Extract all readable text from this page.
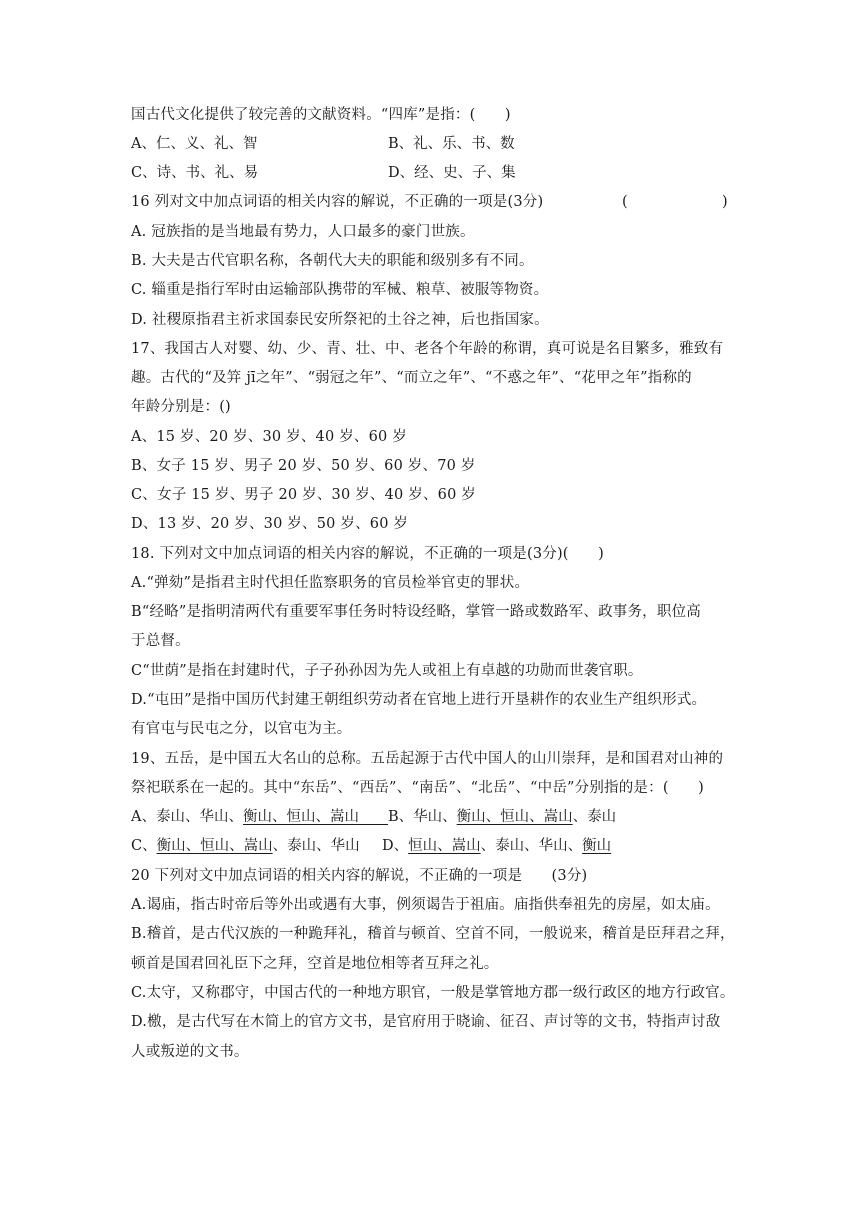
国古代文化提供了较完善的文献资料。“四库”是指：(　　)
A、仁、义、礼、智	B、礼、乐、书、数
C、诗、书、礼、易	D、经、史、子、集
16 列对文中加点词语的相关内容的解说，不正确的一项是(3分)	(	)
A. 冠族指的是当地最有势力，人口最多的豪门世族。
B. 大夫是古代官职名称，各朝代大夫的职能和级别多有不同。
C. 辎重是指行军时由运输部队携带的军械、粮草、被服等物资。
D. 社稷原指君主祈求国泰民安所祭祀的土谷之神，后也指国家。
17、我国古人对婴、幼、少、青、壮、中、老各个年龄的称谓，真可说是名目繁多，雅致有
趣。古代的“及笄 jī之年”、“弱冠之年”、“而立之年”、“不惑之年”、“花甲之年”指称的
年龄分别是：()
A、15 岁、20 岁、30 岁、40 岁、60 岁
B、女子 15 岁、男子 20 岁、50 岁、60 岁、70 岁
C、女子 15 岁、男子 20 岁、30 岁、40 岁、60 岁
D、13 岁、20 岁、30 岁、50 岁、60 岁
18. 下列对文中加点词语的相关内容的解说，不正确的一项是(3分)(　　)
A.“弹劾”是指君主时代担任监察职务的官员检举官吏的罪状。
B“经略”是指明清两代有重要军事任务时特设经略，掌管一路或数路军、政事务，职位高
于总督。
C“世荫”是指在封建时代，子子孙孙因为先人或祖上有卓越的功勋而世袭官职。
D.“屯田”是指中国历代封建王朝组织劳动者在官地上进行开垦耕作的农业生产组织形式。
有官屯与民屯之分，以官屯为主。
19、五岳，是中国五大名山的总称。五岳起源于古代中国人的山川崇拜，是和国君对山神的
祭祀联系在一起的。其中“东岳”、“西岳”、“南岳”、“北岳”、“中岳”分别指的是：(　　)
A、泰山、华山、衡山、恒山、嵩山　　	B、华山、衡山、恒山、嵩山、泰山
C、衡山、恒山、嵩山、泰山、华山 D、恒山、嵩山、泰山、华山、衡山
20 下列对文中加点词语的相关内容的解说，不正确的一项是　　(3分)
A.谒庙，指古时帝后等外出或遇有大事，例须谒告于祖庙。庙指供奉祖先的房屋，如太庙。
B.稽首，是古代汉族的一种跪拜礼，稽首与顿首、空首不同，一般说来，稽首是臣拜君之拜，
顿首是国君回礼臣下之拜，空首是地位相等者互拜之礼。
C.太守，又称郡守，中国古代的一种地方职官，一般是掌管地方郡一级行政区的地方行政官。
D.檄，是古代写在木简上的官方文书，是官府用于晓谕、征召、声讨等的文书，特指声讨敌
人或叛逆的文书。
